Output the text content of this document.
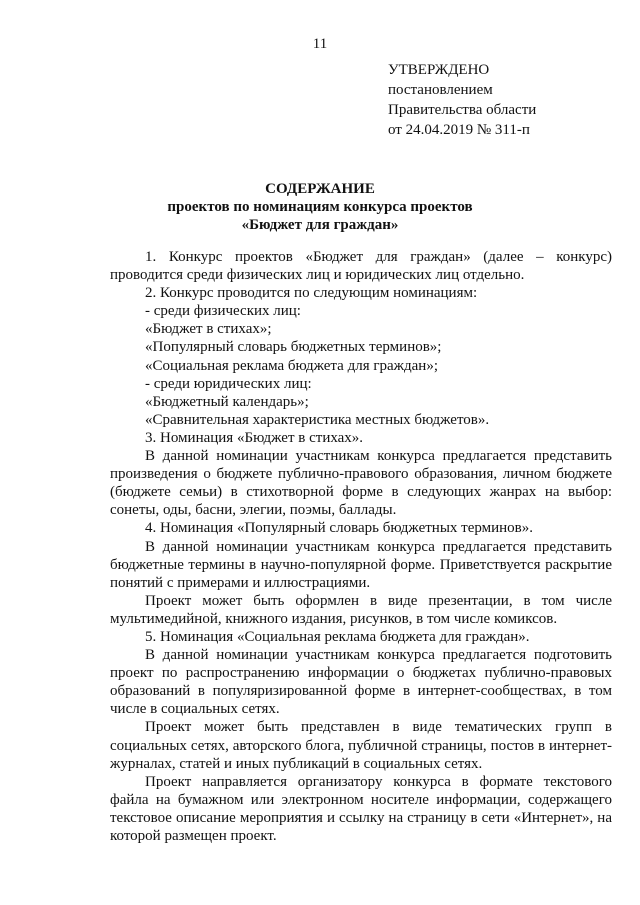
11
УТВЕРЖДЕНО
постановлением
Правительства области
от 24.04.2019 № 311-п
СОДЕРЖАНИЕ
проектов по номинациям конкурса проектов
«Бюджет для граждан»

1. Конкурс проектов «Бюджет для граждан» (далее – конкурс) проводится среди физических лиц и юридических лиц отдельно.

2. Конкурс проводится по следующим номинациям:

- среди физических лиц:

«Бюджет в стихах»;

«Популярный словарь бюджетных терминов»;

«Социальная реклама бюджета для граждан»;

- среди юридических лиц:

«Бюджетный календарь»;

«Сравнительная характеристика местных бюджетов».

3. Номинация «Бюджет в стихах».

В данной номинации участникам конкурса предлагается представить произведения о бюджете публично-правового образования, личном бюджете (бюджете семьи) в стихотворной форме в следующих жанрах на выбор: сонеты, оды, басни, элегии, поэмы, баллады.

4. Номинация «Популярный словарь бюджетных терминов».

В данной номинации участникам конкурса предлагается представить бюджетные термины в научно-популярной форме. Приветствуется раскрытие понятий с примерами и иллюстрациями.

Проект может быть оформлен в виде презентации, в том числе мультимедийной, книжного издания, рисунков, в том числе комиксов.

5. Номинация «Социальная реклама бюджета для граждан».

В данной номинации участникам конкурса предлагается подготовить проект по распространению информации о бюджетах публично-правовых образований в популяризированной форме в интернет-сообществах, в том числе в социальных сетях.

Проект может быть представлен в виде тематических групп в социальных сетях, авторского блога, публичной страницы, постов в интернет-журналах, статей и иных публикаций в социальных сетях.

Проект направляется организатору конкурса в формате текстового файла на бумажном или электронном носителе информации, содержащего текстовое описание мероприятия и ссылку на страницу в сети «Интернет», на которой размещен проект.
